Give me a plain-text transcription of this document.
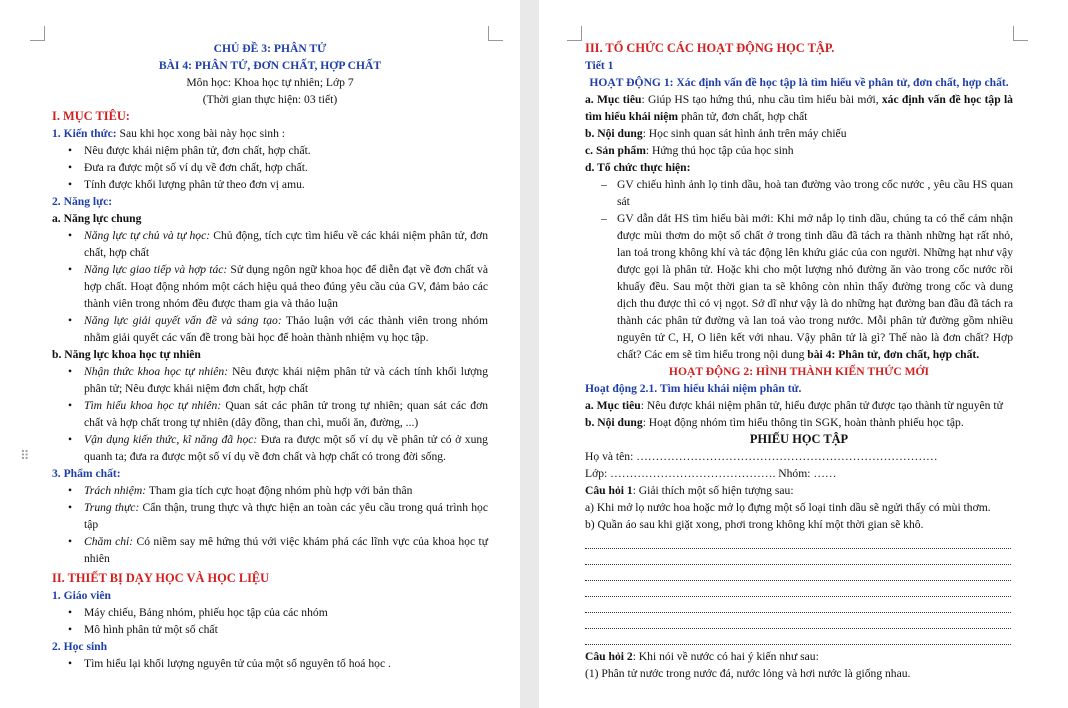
⠿
CHỦ ĐỀ 3: PHÂN TỬ
BÀI 4: PHÂN TỬ, ĐƠN CHẤT, HỢP CHẤT
Môn học: Khoa học tự nhiên; Lớp 7
(Thời gian thực hiện: 03 tiết)
I. MỤC TIÊU:
1. Kiến thức: Sau khi học xong bài này học sinh :
• Nêu được khái niệm phân tử, đơn chất, hợp chất.
• Đưa ra được một số ví dụ về đơn chất, hợp chất.
• Tính được khối lượng phân tử theo đơn vị amu.
2. Năng lực:
a. Năng lực chung
• Năng lực tự chủ và tự học: Chủ động, tích cực tìm hiểu về các khái niệm phân tử, đơn chất, hợp chất
• Năng lực giao tiếp và hợp tác: Sử dụng ngôn ngữ khoa học để diễn đạt về đơn chất và hợp chất. Hoạt động nhóm một cách hiệu quả theo đúng yêu cầu của GV, đảm bảo các thành viên trong nhóm đều được tham gia và thảo luận
• Năng lực giải quyết vấn đề và sáng tạo: Thảo luận với các thành viên trong nhóm nhằm giải quyết các vấn đề trong bài học để hoàn thành nhiệm vụ học tập.
b. Năng lực khoa học tự nhiên
• Nhận thức khoa học tự nhiên: Nêu được khái niệm phân tử và cách tính khối lượng phân tử; Nêu được khái niệm đơn chất, hợp chất
• Tìm hiểu khoa học tự nhiên: Quan sát các phân tử trong tự nhiên; quan sát các đơn chất và hợp chất trong tự nhiên (dây đồng, than chì, muối ăn, đường, ...)
• Vận dụng kiến thức, kĩ năng đã học: Đưa ra được một số ví dụ về phân tử có ở xung quanh ta; đưa ra được một số ví dụ về đơn chất và hợp chất có trong đời sống.
3. Phẩm chất:
• Trách nhiệm: Tham gia tích cực hoạt động nhóm phù hợp với bản thân
• Trung thực: Cẩn thận, trung thực và thực hiện an toàn các yêu cầu trong quá trình học tập
• Chăm chỉ: Có niềm say mê hứng thú với việc khám phá các lĩnh vực của khoa học tự nhiên
II. THIẾT BỊ DẠY HỌC VÀ HỌC LIỆU
1. Giáo viên
• Máy chiếu, Bảng nhóm, phiếu học tập của các nhóm
• Mô hình phân tử một số chất
2. Học sinh
• Tìm hiểu lại khối lượng nguyên tử của một số nguyên tố hoá học .
III. TỔ CHỨC CÁC HOẠT ĐỘNG HỌC TẬP.
Tiết 1
HOẠT ĐỘNG 1: Xác định vấn đề học tập là tìm hiểu về phân tử, đơn chất, hợp chất.
a. Mục tiêu: Giúp HS tạo hứng thú, nhu cầu tìm hiểu bài mới, xác định vấn đề học tập là tìm hiểu khái niệm phân tử, đơn chất, hợp chất
b. Nội dung: Học sinh quan sát hình ảnh trên máy chiếu
c. Sản phẩm: Hứng thú học tập của học sinh
d. Tổ chức thực hiện:
– GV chiếu hình ảnh lọ tinh dầu, hoà tan đường vào trong cốc nước , yêu cầu HS quan sát
– GV dẫn dắt HS tìm hiểu bài mới: Khi mở nắp lọ tinh dầu, chúng ta có thể cảm nhận được mùi thơm do một số chất ở trong tinh dầu đã tách ra thành những hạt rất nhỏ, lan toả trong không khí và tác động lên khứu giác của con người. Những hạt như vậy được gọi là phân tử. Hoặc khi cho một lượng nhỏ đường ăn vào trong cốc nước rồi khuấy đều. Sau một thời gian ta sẽ không còn nhìn thấy đường trong cốc và dung dịch thu được thì có vị ngọt. Sở dĩ như vậy là do những hạt đường ban đầu đã tách ra thành các phân tử đường và lan toả vào trong nước. Mỗi phân tử đường gồm nhiều nguyên tử C, H, O liên kết với nhau. Vậy phân tử là gì? Thế nào là đơn chất? Hợp chất? Các em sẽ tìm hiểu trong nội dung bài 4: Phân tử, đơn chất, hợp chất.
HOẠT ĐỘNG 2: HÌNH THÀNH KIẾN THỨC MỚI
Hoạt động 2.1. Tìm hiểu khái niệm phân tử.
a. Mục tiêu: Nêu được khái niệm phân tử, hiểu được phân tử được tạo thành từ nguyên tử
b. Nội dung: Hoạt động nhóm tìm hiểu thông tin SGK, hoàn thành phiếu học tập.
PHIẾU HỌC TẬP
Họ và tên: ……………………………………………………………………
Lớp: ……………………………………. Nhóm: ……
Câu hỏi 1: Giải thích một số hiện tượng sau:
a) Khi mở lọ nước hoa hoặc mở lọ đựng một số loại tinh dầu sẽ ngửi thấy có mùi thơm.
b) Quần áo sau khi giặt xong, phơi trong không khí một thời gian sẽ khô.
Câu hỏi 2: Khi nói về nước có hai ý kiến như sau:
(1) Phân tử nước trong nước đá, nước lỏng và hơi nước là giống nhau.
